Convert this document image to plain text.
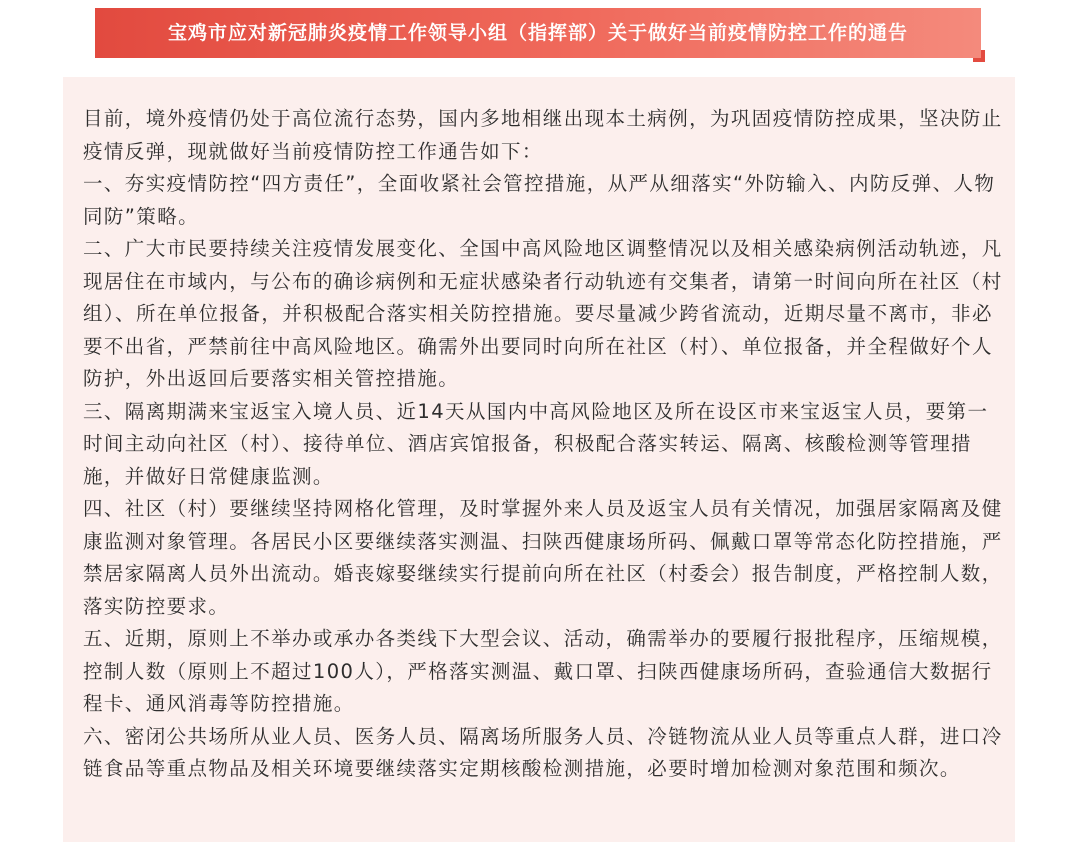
宝鸡市应对新冠肺炎疫情工作领导小组（指挥部）关于做好当前疫情防控工作的通告

目前，境外疫情仍处于高位流行态势，国内多地相继出现本土病例，为巩固疫情防控成果，坚决防止疫情反弹，现就做好当前疫情防控工作通告如下：

一、夯实疫情防控“四方责任”，全面收紧社会管控措施，从严从细落实“外防输入、内防反弹、人物同防”策略。

二、广大市民要持续关注疫情发展变化、全国中高风险地区调整情况以及相关感染病例活动轨迹，凡现居住在市域内，与公布的确诊病例和无症状感染者行动轨迹有交集者，请第一时间向所在社区（村组）、所在单位报备，并积极配合落实相关防控措施。要尽量减少跨省流动，近期尽量不离市，非必要不出省，严禁前往中高风险地区。确需外出要同时向所在社区（村）、单位报备，并全程做好个人防护，外出返回后要落实相关管控措施。

三、隔离期满来宝返宝入境人员、近14天从国内中高风险地区及所在设区市来宝返宝人员，要第一时间主动向社区（村）、接待单位、酒店宾馆报备，积极配合落实转运、隔离、核酸检测等管理措施，并做好日常健康监测。

四、社区（村）要继续坚持网格化管理，及时掌握外来人员及返宝人员有关情况，加强居家隔离及健康监测对象管理。各居民小区要继续落实测温、扫陕西健康场所码、佩戴口罩等常态化防控措施，严禁居家隔离人员外出流动。婚丧嫁娶继续实行提前向所在社区（村委会）报告制度，严格控制人数，落实防控要求。

五、近期，原则上不举办或承办各类线下大型会议、活动，确需举办的要履行报批程序，压缩规模，控制人数（原则上不超过100人），严格落实测温、戴口罩、扫陕西健康场所码，查验通信大数据行程卡、通风消毒等防控措施。

六、密闭公共场所从业人员、医务人员、隔离场所服务人员、冷链物流从业人员等重点人群，进口冷链食品等重点物品及相关环境要继续落实定期核酸检测措施，必要时增加检测对象范围和频次。
